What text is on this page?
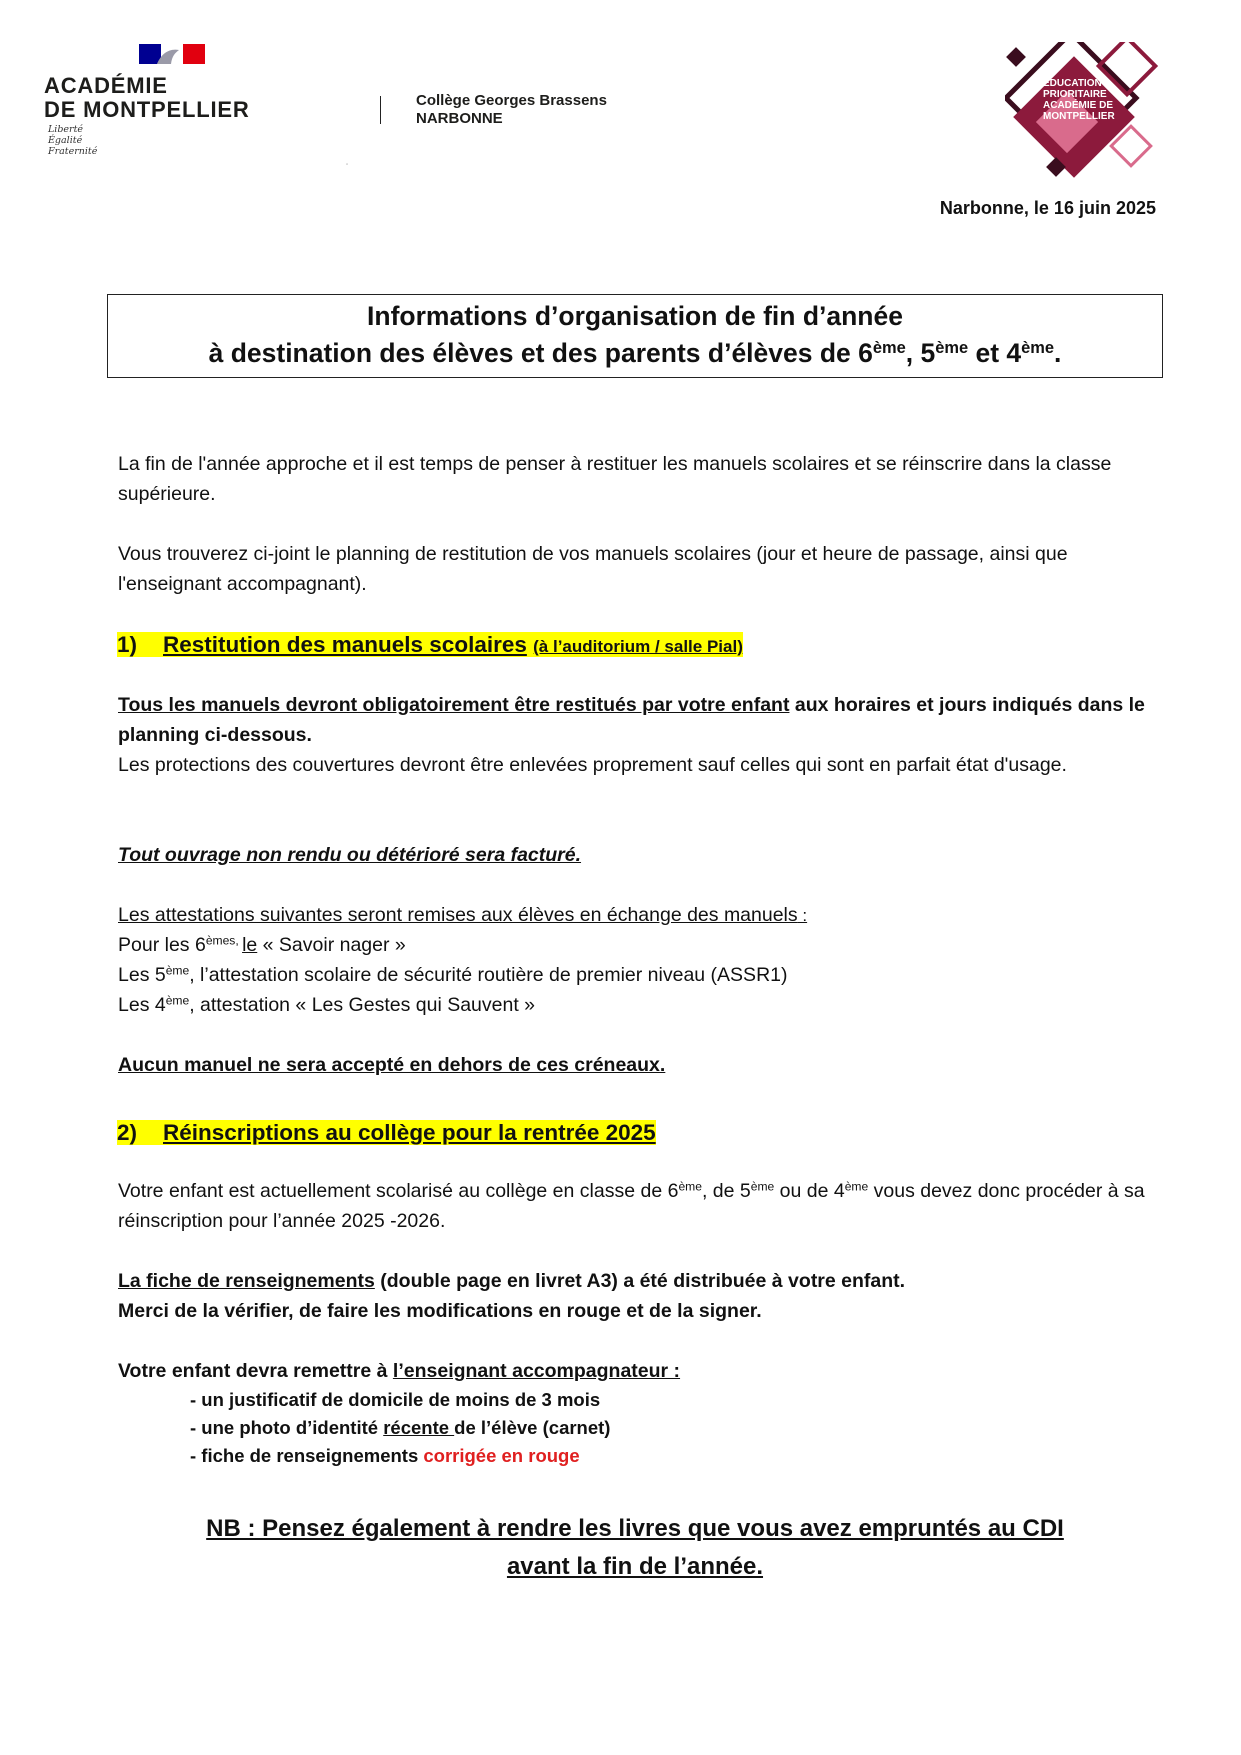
ACADÉMIE
DE MONTPELLIER
Liberté
Égalité
Fraternité
Collège Georges Brassens
NARBONNE
▫
ÉDUCATION
PRIORITAIRE
ACADÉMIE DE
MONTPELLIER
Narbonne, le 16 juin 2025
Informations d’organisation de fin d’année
à destination des élèves et des parents d’élèves de 6ème, 5ème et 4ème.
La fin de l'année approche et il est temps de penser à restituer les manuels scolaires et se réinscrire dans la classe supérieure.
Vous trouverez ci-joint le planning de restitution de vos manuels scolaires (jour et heure de passage, ainsi que l'enseignant accompagnant).
1) Restitution des manuels scolaires (à l’auditorium / salle Pial)
Tous les manuels devront obligatoirement être restitués par votre enfant aux horaires et jours indiqués dans le planning ci-dessous.
Les protections des couvertures devront être enlevées proprement sauf celles qui sont en parfait état d'usage.
Tout ouvrage non rendu ou détérioré sera facturé.
Les attestations suivantes seront remises aux élèves en échange des manuels :
Pour les $6^{èmes,}$ le « Savoir nager »
Les 5ème, l’attestation scolaire de sécurité routière de premier niveau (ASSR1)
Les 4ème, attestation « Les Gestes qui Sauvent »
Aucun manuel ne sera accepté en dehors de ces créneaux.
2) Réinscriptions au collège pour la rentrée 2025
Votre enfant est actuellement scolarisé au collège en classe de 6ème, de 5ème ou de 4ème vous devez donc procéder à sa réinscription pour l’année 2025 -2026.
La fiche de renseignements (double page en livret A3) a été distribuée à votre enfant.
Merci de la vérifier, de faire les modifications en rouge et de la signer.
Votre enfant devra remettre à l’enseignant accompagnateur :
- un justificatif de domicile de moins de 3 mois
- une photo d’identité récente de l’élève (carnet)
- fiche de renseignements corrigée en rouge
NB : Pensez également à rendre les livres que vous avez empruntés au CDI
avant la fin de l’année.
